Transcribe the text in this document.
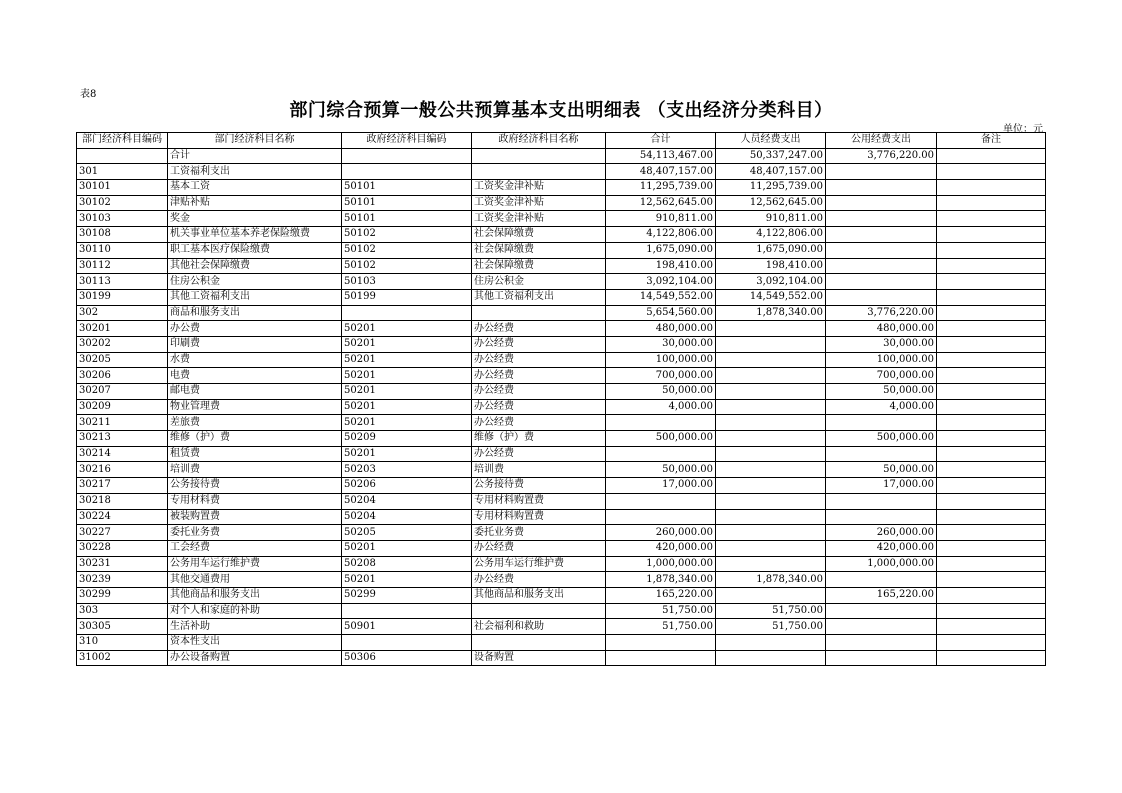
表8
部门综合预算一般公共预算基本支出明细表 （支出经济分类科目）
单位：元
部门经济科目编码	部门经济科目名称	政府经济科目编码	政府经济科目名称	合计	人员经费支出	公用经费支出	备注
	合计			54,113,467.00	50,337,247.00	3,776,220.00	
301	工资福利支出			48,407,157.00	48,407,157.00		
30101	基本工资	50101	工资奖金津补贴	11,295,739.00	11,295,739.00		
30102	津贴补贴	50101	工资奖金津补贴	12,562,645.00	12,562,645.00		
30103	奖金	50101	工资奖金津补贴	910,811.00	910,811.00		
30108	机关事业单位基本养老保险缴费	50102	社会保障缴费	4,122,806.00	4,122,806.00		
30110	职工基本医疗保险缴费	50102	社会保障缴费	1,675,090.00	1,675,090.00		
30112	其他社会保障缴费	50102	社会保障缴费	198,410.00	198,410.00		
30113	住房公积金	50103	住房公积金	3,092,104.00	3,092,104.00		
30199	其他工资福利支出	50199	其他工资福利支出	14,549,552.00	14,549,552.00		
302	商品和服务支出			5,654,560.00	1,878,340.00	3,776,220.00	
30201	办公费	50201	办公经费	480,000.00		480,000.00	
30202	印刷费	50201	办公经费	30,000.00		30,000.00	
30205	水费	50201	办公经费	100,000.00		100,000.00	
30206	电费	50201	办公经费	700,000.00		700,000.00	
30207	邮电费	50201	办公经费	50,000.00		50,000.00	
30209	物业管理费	50201	办公经费	4,000.00		4,000.00	
30211	差旅费	50201	办公经费				
30213	维修（护）费	50209	维修（护）费	500,000.00		500,000.00	
30214	租赁费	50201	办公经费				
30216	培训费	50203	培训费	50,000.00		50,000.00	
30217	公务接待费	50206	公务接待费	17,000.00		17,000.00	
30218	专用材料费	50204	专用材料购置费				
30224	被装购置费	50204	专用材料购置费				
30227	委托业务费	50205	委托业务费	260,000.00		260,000.00	
30228	工会经费	50201	办公经费	420,000.00		420,000.00	
30231	公务用车运行维护费	50208	公务用车运行维护费	1,000,000.00		1,000,000.00	
30239	其他交通费用	50201	办公经费	1,878,340.00	1,878,340.00		
30299	其他商品和服务支出	50299	其他商品和服务支出	165,220.00		165,220.00	
303	对个人和家庭的补助			51,750.00	51,750.00		
30305	生活补助	50901	社会福利和救助	51,750.00	51,750.00		
310	资本性支出						
31002	办公设备购置	50306	设备购置				
